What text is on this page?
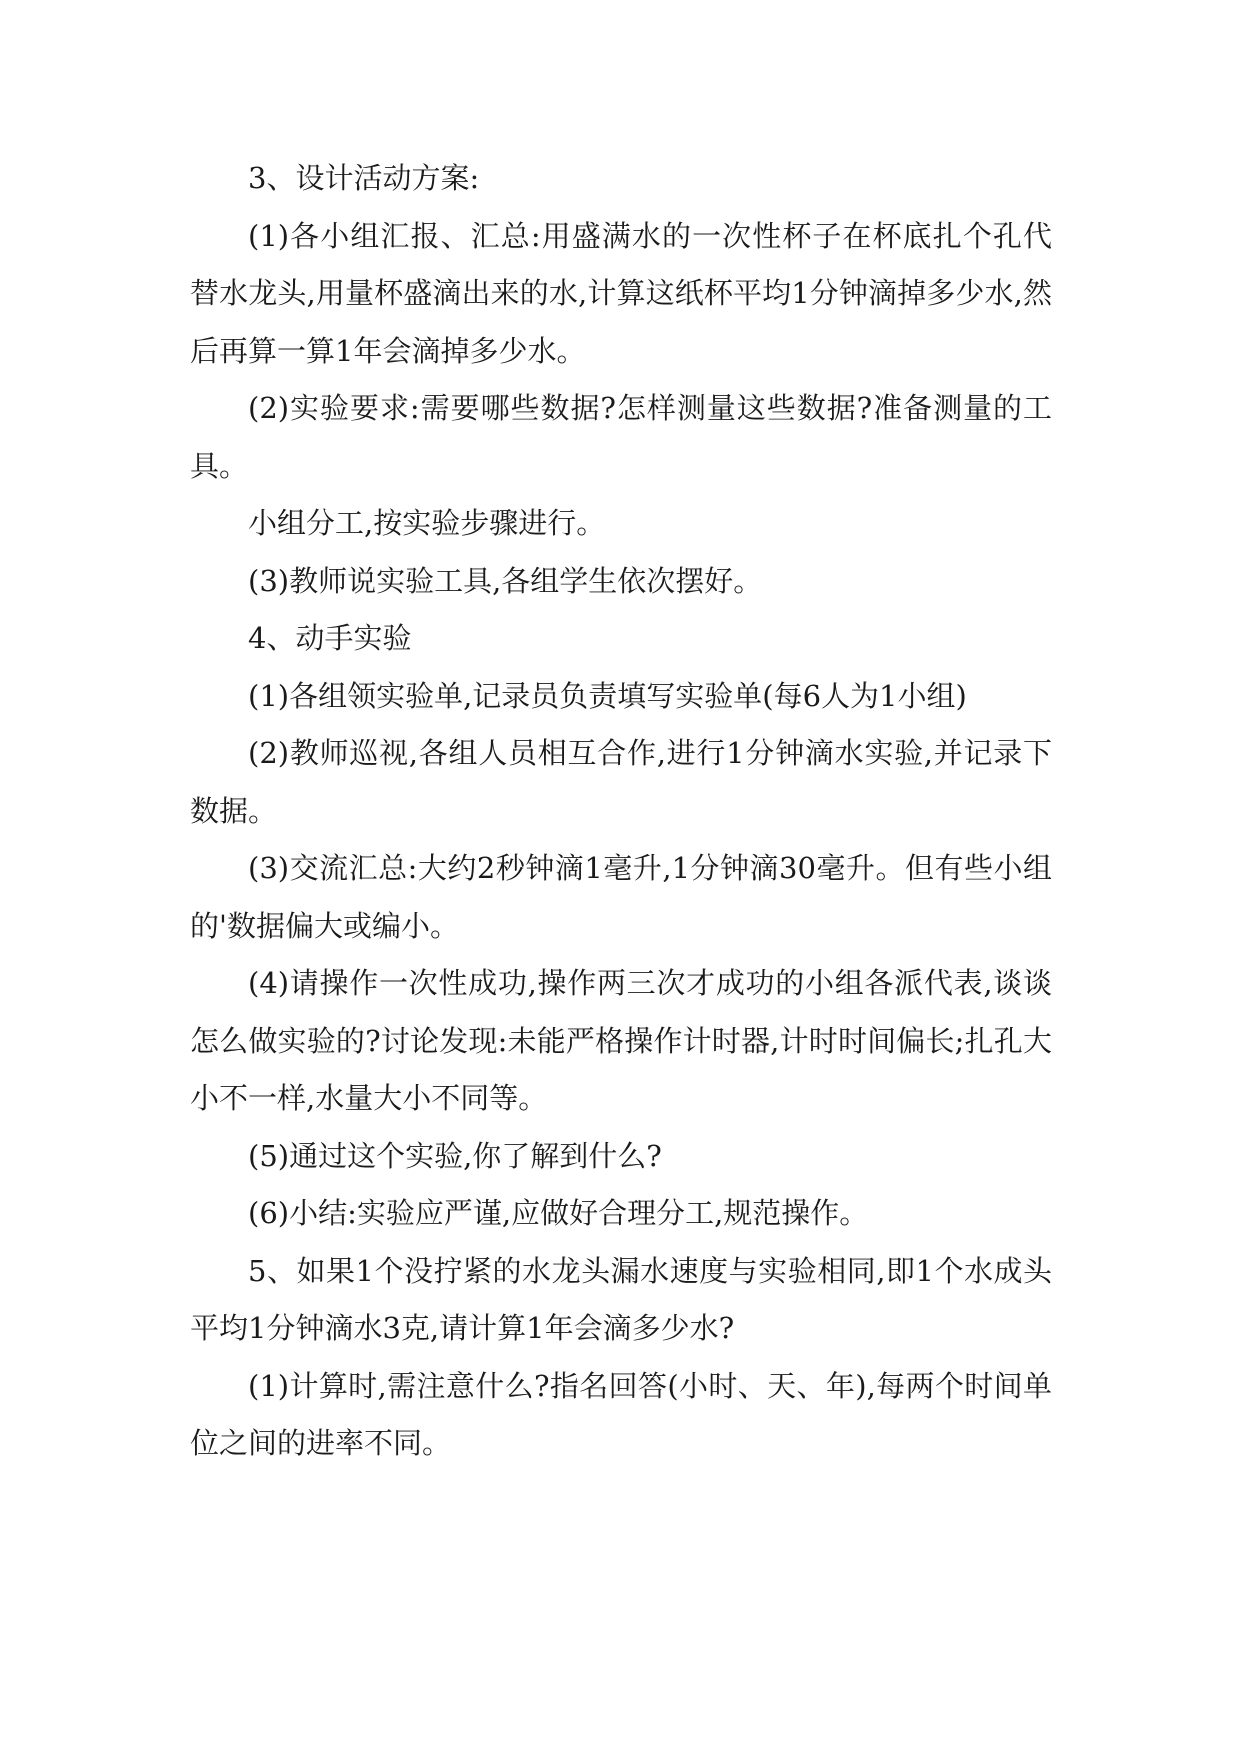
3、设计活动方案:

(1)各小组汇报、汇总:用盛满水的一次性杯子在杯底扎个孔代替水龙头,用量杯盛滴出来的水,计算这纸杯平均1分钟滴掉多少水,然后再算一算1年会滴掉多少水。

(2)实验要求:需要哪些数据?怎样测量这些数据?准备测量的工具。

小组分工,按实验步骤进行。

(3)教师说实验工具,各组学生依次摆好。

4、动手实验

(1)各组领实验单,记录员负责填写实验单(每6人为1小组)

(2)教师巡视,各组人员相互合作,进行1分钟滴水实验,并记录下数据。

(3)交流汇总:大约2秒钟滴1毫升,1分钟滴30毫升。但有些小组的'数据偏大或编小。

(4)请操作一次性成功,操作两三次才成功的小组各派代表,谈谈怎么做实验的?讨论发现:未能严格操作计时器,计时时间偏长;扎孔大小不一样,水量大小不同等。

(5)通过这个实验,你了解到什么?

(6)小结:实验应严谨,应做好合理分工,规范操作。

5、如果1个没拧紧的水龙头漏水速度与实验相同,即1个水成头平均1分钟滴水3克,请计算1年会滴多少水?

(1)计算时,需注意什么?指名回答(小时、天、年),每两个时间单位之间的进率不同。
